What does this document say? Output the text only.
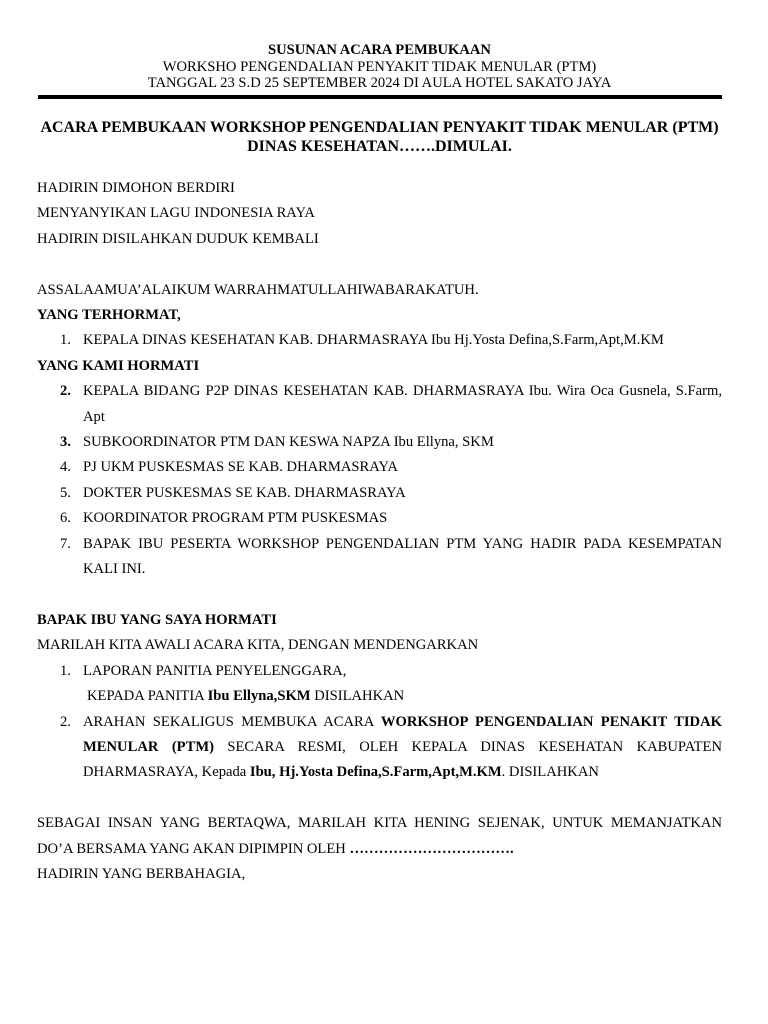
SUSUNAN ACARA PEMBUKAAN
WORKSHO PENGENDALIAN PENYAKIT TIDAK MENULAR (PTM)
TANGGAL 23 S.D 25 SEPTEMBER 2024 DI AULA HOTEL SAKATO JAYA
ACARA PEMBUKAAN WORKSHOP PENGENDALIAN PENYAKIT TIDAK MENULAR (PTM)
DINAS KESEHATAN…….DIMULAI.
HADIRIN DIMOHON BERDIRI
MENYANYIKAN LAGU INDONESIA RAYA
HADIRIN DISILAHKAN DUDUK KEMBALI
ASSALAAMUA’ALAIKUM WARRAHMATULLAHIWABARAKATUH.
YANG TERHORMAT,
1. KEPALA DINAS KESEHATAN KAB. DHARMASRAYA Ibu Hj.Yosta Defina,S.Farm,Apt,M.KM
YANG KAMI HORMATI
2. KEPALA BIDANG P2P DINAS KESEHATAN KAB. DHARMASRAYA Ibu. Wira Oca Gusnela, S.Farm, Apt
3. SUBKOORDINATOR PTM DAN KESWA NAPZA Ibu Ellyna, SKM
4. PJ UKM PUSKESMAS SE KAB. DHARMASRAYA
5. DOKTER PUSKESMAS SE KAB. DHARMASRAYA
6. KOORDINATOR PROGRAM PTM PUSKESMAS
7. BAPAK IBU PESERTA WORKSHOP PENGENDALIAN PTM YANG HADIR PADA KESEMPATAN KALI INI.
BAPAK IBU YANG SAYA HORMATI
MARILAH KITA AWALI ACARA KITA, DENGAN MENDENGARKAN
1. LAPORAN PANITIA PENYELENGGARA,
KEPADA PANITIA Ibu Ellyna,SKM DISILAHKAN
2. ARAHAN SEKALIGUS MEMBUKA ACARA WORKSHOP PENGENDALIAN PENAKIT TIDAK MENULAR (PTM) SECARA RESMI, OLEH KEPALA DINAS KESEHATAN KABUPATEN DHARMASRAYA, Kepada Ibu, Hj.Yosta Defina,S.Farm,Apt,M.KM. DISILAHKAN
SEBAGAI INSAN YANG BERTAQWA, MARILAH KITA HENING SEJENAK, UNTUK MEMANJATKAN DO’A BERSAMA YANG AKAN DIPIMPIN OLEH …………………………….
HADIRIN YANG BERBAHAGIA,
